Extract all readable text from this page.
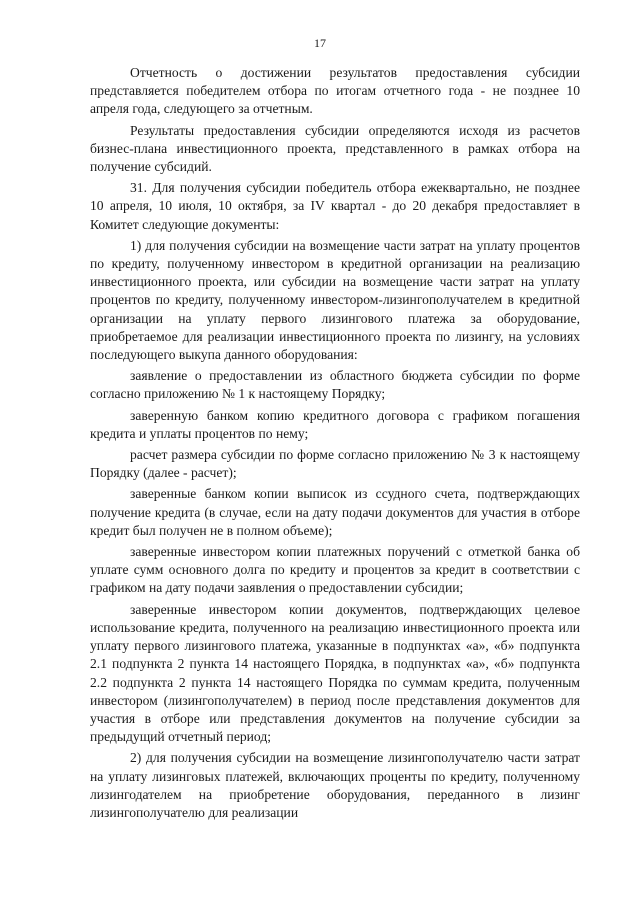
17

Отчетность о достижении результатов предоставления субсидии представляется победителем отбора по итогам отчетного года - не позднее 10 апреля года, следующего за отчетным.

Результаты предоставления субсидии определяются исходя из расчетов бизнес-плана инвестиционного проекта, представленного в рамках отбора на получение субсидий.

31. Для получения субсидии победитель отбора ежеквартально, не позднее 10 апреля, 10 июля, 10 октября, за IV квартал - до 20 декабря предоставляет в Комитет следующие документы:

1) для получения субсидии на возмещение части затрат на уплату процентов по кредиту, полученному инвестором в кредитной организации на реализацию инвестиционного проекта, или субсидии на возмещение части затрат на уплату процентов по кредиту, полученному инвестором-лизингополучателем в кредитной организации на уплату первого лизингового платежа за оборудование, приобретаемое для реализации инвестиционного проекта по лизингу, на условиях последующего выкупа данного оборудования:

заявление о предоставлении из областного бюджета субсидии по форме согласно приложению № 1 к настоящему Порядку;

заверенную банком копию кредитного договора с графиком погашения кредита и уплаты процентов по нему;

расчет размера субсидии по форме согласно приложению № 3 к настоящему Порядку (далее - расчет);

заверенные банком копии выписок из ссудного счета, подтверждающих получение кредита (в случае, если на дату подачи документов для участия в отборе кредит был получен не в полном объеме);

заверенные инвестором копии платежных поручений с отметкой банка об уплате сумм основного долга по кредиту и процентов за кредит в соответствии с графиком на дату подачи заявления о предоставлении субсидии;

заверенные инвестором копии документов, подтверждающих целевое использование кредита, полученного на реализацию инвестиционного проекта или уплату первого лизингового платежа, указанные в подпунктах «а», «б» подпункта 2.1 подпункта 2 пункта 14 настоящего Порядка, в подпунктах «а», «б» подпункта 2.2 подпункта 2 пункта 14 настоящего Порядка по суммам кредита, полученным инвестором (лизингополучателем) в период после представления документов для участия в отборе или представления документов на получение субсидии за предыдущий отчетный период;

2) для получения субсидии на возмещение лизингополучателю части затрат на уплату лизинговых платежей, включающих проценты по кредиту, полученному лизингодателем на приобретение оборудования, переданного в лизинг лизингополучателю для реализации
